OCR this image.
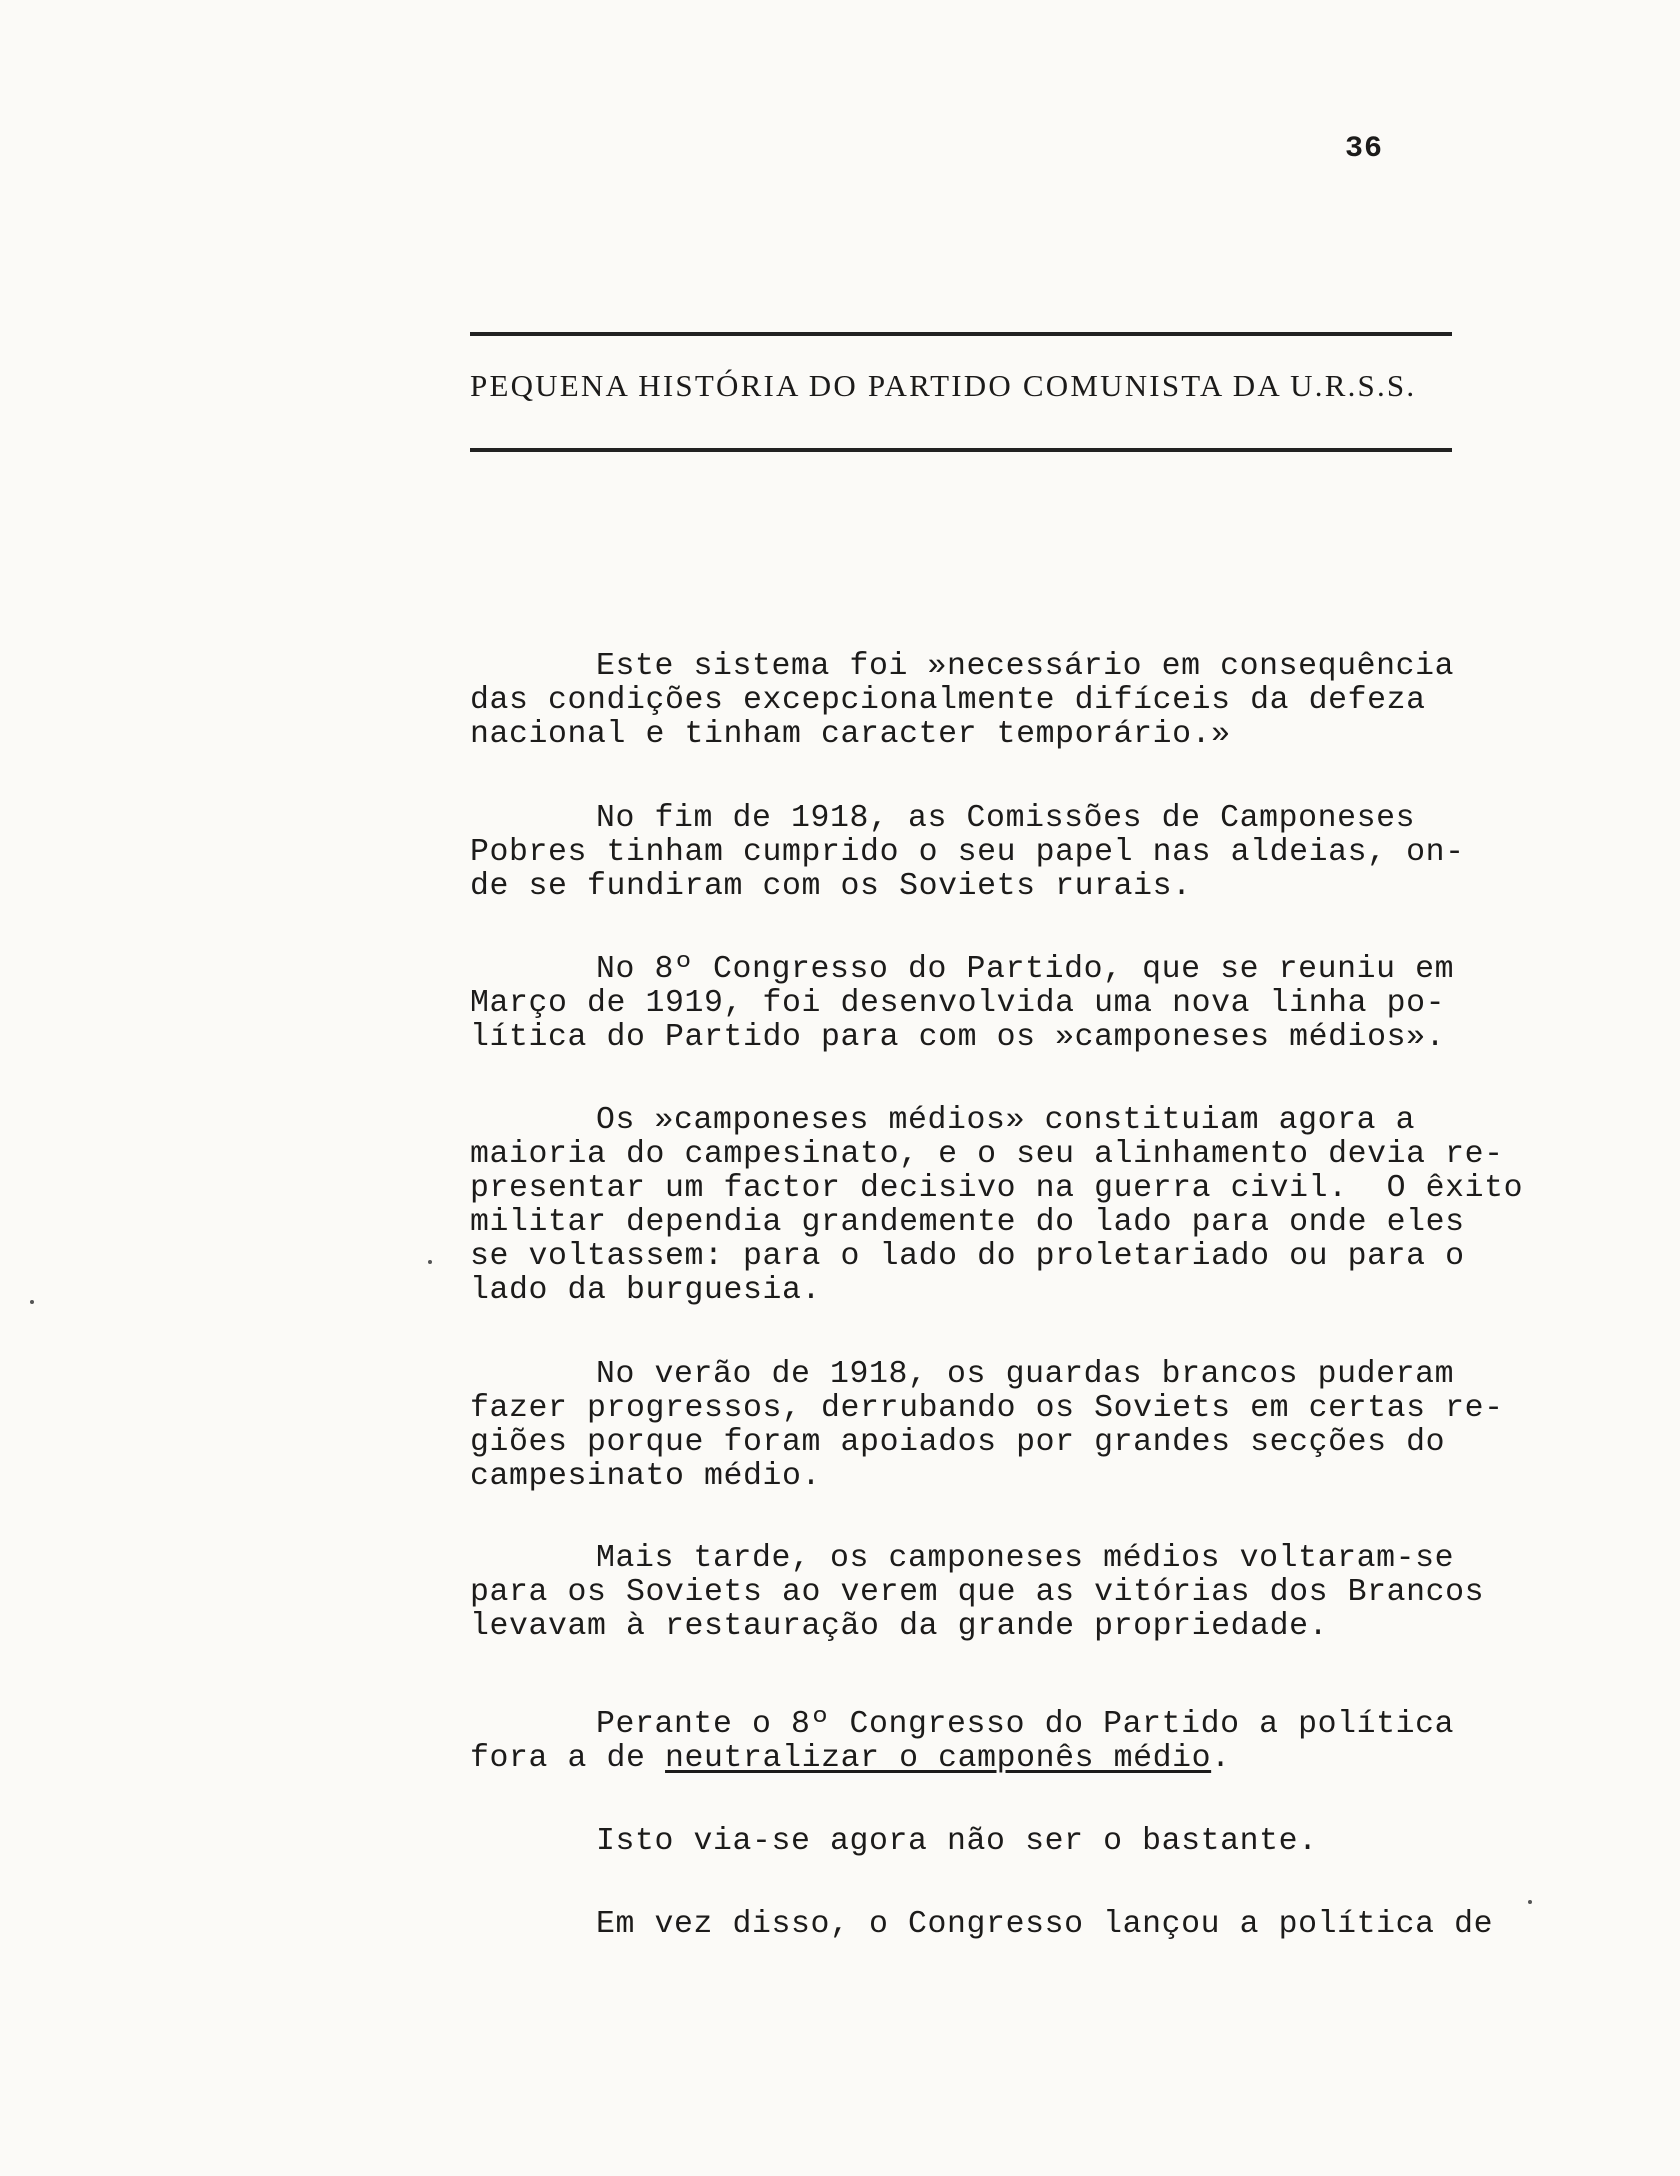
36
PEQUENA HISTÓRIA DO PARTIDO COMUNISTA DA U.R.S.S.

Este sistema foi »necessário em consequência
das condições excepcionalmente difíceis da defeza
nacional e tinham caracter temporário.»

No fim de 1918, as Comissões de Camponeses
Pobres tinham cumprido o seu papel nas aldeias, on-
de se fundiram com os Soviets rurais.

No 8º Congresso do Partido, que se reuniu em
Março de 1919, foi desenvolvida uma nova linha po-
lítica do Partido para com os »camponeses médios».

Os »camponeses médios» constituiam agora a
maioria do campesinato, e o seu alinhamento devia re-
presentar um factor decisivo na guerra civil.  O êxito
militar dependia grandemente do lado para onde eles
se voltassem: para o lado do proletariado ou para o
lado da burguesia.

No verão de 1918, os guardas brancos puderam
fazer progressos, derrubando os Soviets em certas re-
giões porque foram apoiados por grandes secções do
campesinato médio.

Mais tarde, os camponeses médios voltaram-se
para os Soviets ao verem que as vitórias dos Brancos
levavam à restauração da grande propriedade.

Perante o 8º Congresso do Partido a política
fora a de neutralizar o camponês médio.

Isto via-se agora não ser o bastante.

Em vez disso, o Congresso lançou a política de
